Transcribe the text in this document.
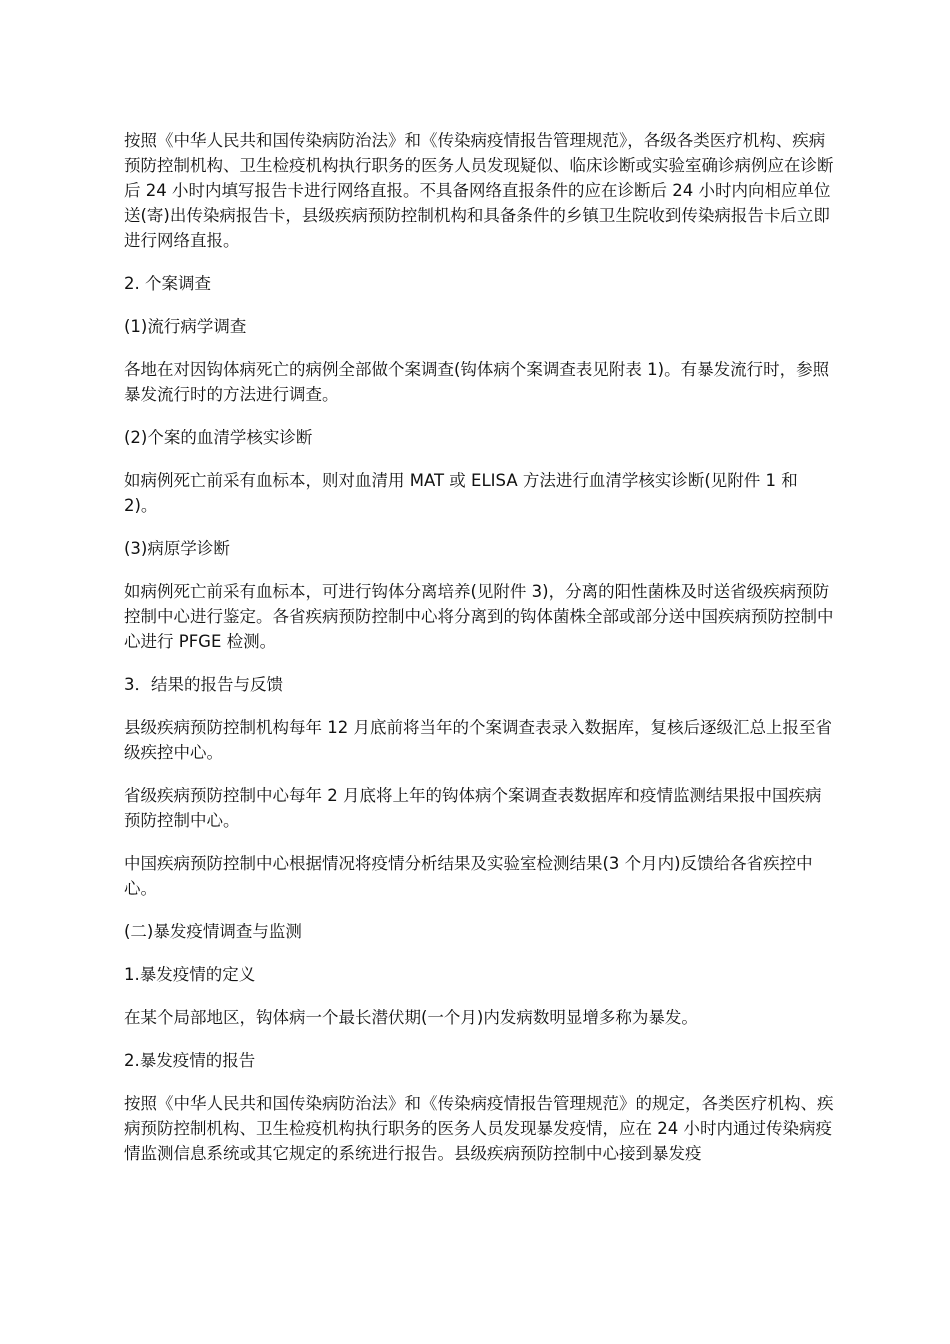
按照《中华人民共和国传染病防治法》和《传染病疫情报告管理规范》，各级各类医疗机构、疾病预防控制机构、卫生检疫机构执行职务的医务人员发现疑似、临床诊断或实验室确诊病例应在诊断后 24 小时内填写报告卡进行网络直报。不具备网络直报条件的应在诊断后 24 小时内向相应单位送(寄)出传染病报告卡，县级疾病预防控制机构和具备条件的乡镇卫生院收到传染病报告卡后立即进行网络直报。

2. 个案调查

(1)流行病学调查

各地在对因钩体病死亡的病例全部做个案调查(钩体病个案调查表见附表 1)。有暴发流行时，参照暴发流行时的方法进行调查。

(2)个案的血清学核实诊断

如病例死亡前采有血标本，则对血清用 MAT 或 ELISA 方法进行血清学核实诊断(见附件 1 和 2)。

(3)病原学诊断

如病例死亡前采有血标本，可进行钩体分离培养(见附件 3)，分离的阳性菌株及时送省级疾病预防控制中心进行鉴定。各省疾病预防控制中心将分离到的钩体菌株全部或部分送中国疾病预防控制中心进行 PFGE 检测。

3．结果的报告与反馈

县级疾病预防控制机构每年 12 月底前将当年的个案调查表录入数据库，复核后逐级汇总上报至省级疾控中心。

省级疾病预防控制中心每年 2 月底将上年的钩体病个案调查表数据库和疫情监测结果报中国疾病预防控制中心。

中国疾病预防控制中心根据情况将疫情分析结果及实验室检测结果(3 个月内)反馈给各省疾控中心。

(二)暴发疫情调查与监测

1.暴发疫情的定义

在某个局部地区，钩体病一个最长潜伏期(一个月)内发病数明显增多称为暴发。

2.暴发疫情的报告

按照《中华人民共和国传染病防治法》和《传染病疫情报告管理规范》的规定，各类医疗机构、疾病预防控制机构、卫生检疫机构执行职务的医务人员发现暴发疫情，应在 24 小时内通过传染病疫情监测信息系统或其它规定的系统进行报告。县级疾病预防控制中心接到暴发疫
